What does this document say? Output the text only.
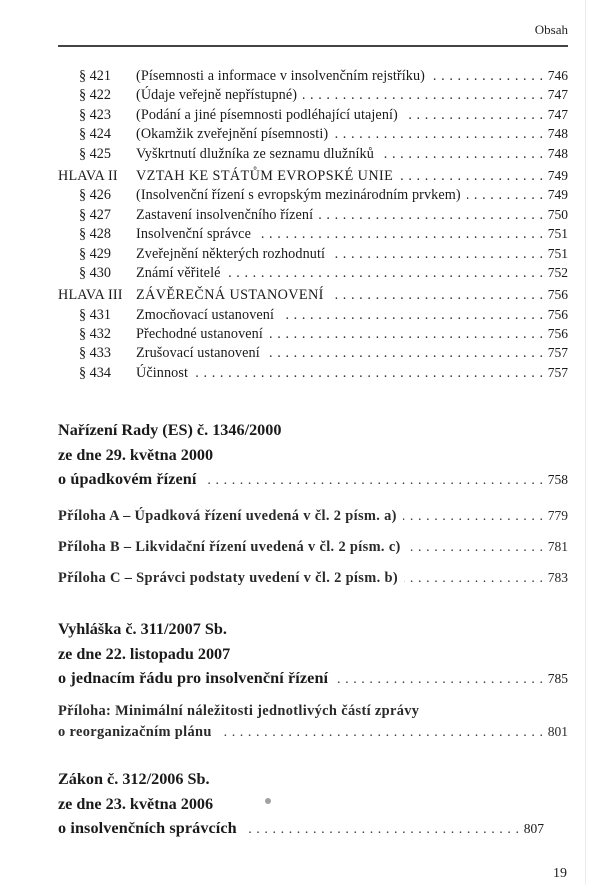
Obsah
§ 421	(Písemnosti a informace v insolvenčním rejstříku) . . .	746
§ 422	(Údaje veřejně nepřístupné) . . .	747
§ 423	(Podání a jiné písemnosti podléhající utajení) . . .	747
§ 424	(Okamžik zveřejnění písemnosti) . . .	748
§ 425	Vyškrtnutí dlužníka ze seznamu dlužníků . . .	748
HLAVA II	VZTAH KE STÁTŮM EVROPSKÉ UNIE . . .	749
§ 426	(Insolvenční řízení s evropským mezinárodním prvkem) . . .	749
§ 427	Zastavení insolvenčního řízení . . .	750
§ 428	Insolvenční správce . . .	751
§ 429	Zveřejnění některých rozhodnutí . . .	751
§ 430	Známí věřitelé . . .	752
HLAVA III ZÁVĚREČNÁ USTANOVENÍ . . .	756
§ 431	Zmocňovací ustanovení . . .	756
§ 432	Přechodné ustanovení . . .	756
§ 433	Zrušovací ustanovení . . .	757
§ 434	Účinnost . . .	757
Nařízení Rady (ES) č. 1346/2000
ze dne 29. května 2000
o úpadkovém řízení . . .	758
Příloha A – Úpadková řízení uvedená v čl. 2 písm. a) . . .	779
Příloha B – Likvidační řízení uvedená v čl. 2 písm. c) . . .	781
Příloha C – Správci podstaty uvedení v čl. 2 písm. b) . . .	783
Vyhláška č. 311/2007 Sb.
ze dne 22. listopadu 2007
o jednacím řádu pro insolvenční řízení . . .	785
Příloha: Minimální náležitosti jednotlivých částí zprávy
o reorganizačním plánu . . .	801
Zákon č. 312/2006 Sb.
ze dne 23. května 2006
o insolvenčních správcích . . .	807
19
